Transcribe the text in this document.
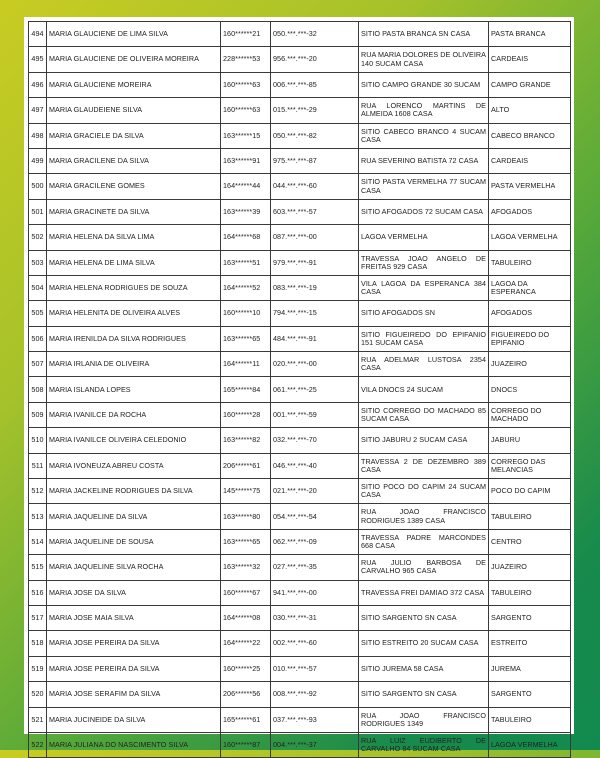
494	MARIA GLAUCIENE DE LIMA SILVA	160******21	050.***.***-32	SITIO PASTA BRANCA SN CASA	PASTA BRANCA
495	MARIA GLAUCIENE DE OLIVEIRA MOREIRA	228******53	956.***.***-20	RUA MARIA DOLORES DE OLIVEIRA 140 SUCAM CASA	CARDEAIS
496	MARIA GLAUCIENE MOREIRA	160******63	006.***.***-85	SITIO CAMPO GRANDE 30 SUCAM	CAMPO GRANDE
497	MARIA GLAUDEIENE SILVA	160******63	015.***.***-29	RUA LORENCO MARTINS DE ALMEIDA 1608 CASA	ALTO
498	MARIA GRACIELE DA SILVA	163******15	050.***.***-82	SITIO CABECO BRANCO 4 SUCAM CASA	CABECO BRANCO
499	MARIA GRACILENE DA SILVA	163******91	975.***.***-87	RUA SEVERINO BATISTA 72 CASA	CARDEAIS
500	MARIA GRACILENE GOMES	164******44	044.***.***-60	SITIO PASTA VERMELHA 77 SUCAM CASA	PASTA VERMELHA
501	MARIA GRACINETE DA SILVA	163******39	603.***.***-57	SITIO AFOGADOS 72 SUCAM CASA	AFOGADOS
502	MARIA HELENA DA SILVA LIMA	164******68	087.***.***-00	LAGOA VERMELHA	LAGOA VERMELHA
503	MARIA HELENA DE LIMA SILVA	163******51	979.***.***-91	TRAVESSA JOAO ANGELO DE FREITAS 929 CASA	TABULEIRO
504	MARIA HELENA RODRIGUES DE SOUZA	164******52	083.***.***-19	VILA LAGOA DA ESPERANCA 384 CASA	LAGOA DA ESPERANCA
505	MARIA HELENITA DE OLIVEIRA ALVES	160******10	794.***.***-15	SITIO AFOGADOS SN	AFOGADOS
506	MARIA IRENILDA DA SILVA RODRIGUES	163******65	484.***.***-91	SITIO FIGUEIREDO DO EPIFANIO 151 SUCAM CASA	FIGUEIREDO DO EPIFANIO
507	MARIA IRLANIA DE OLIVEIRA	164******11	020.***.***-00	RUA ADELMAR LUSTOSA 2354 CASA	JUAZEIRO
508	MARIA ISLANDA LOPES	165******84	061.***.***-25	VILA DNOCS 24 SUCAM	DNOCS
509	MARIA IVANILCE DA ROCHA	160******28	001.***.***-59	SITIO CORREGO DO MACHADO 85 SUCAM CASA	CORREGO DO MACHADO
510	MARIA IVANILCE OLIVEIRA CELEDONIO	163******82	032.***.***-70	SITIO JABURU 2 SUCAM CASA	JABURU
511	MARIA IVONEUZA ABREU COSTA	206******61	046.***.***-40	TRAVESSA 2 DE DEZEMBRO 389 CASA	CORREGO DAS MELANCIAS
512	MARIA JACKELINE RODRIGUES DA SILVA	145******75	021.***.***-20	SITIO POCO DO CAPIM 24 SUCAM CASA	POCO DO CAPIM
513	MARIA JAQUELINE DA SILVA	163******80	054.***.***-54	RUA JOAO FRANCISCO RODRIGUES 1389 CASA	TABULEIRO
514	MARIA JAQUELINE DE SOUSA	163******65	062.***.***-09	TRAVESSA PADRE MARCONDES 668 CASA	CENTRO
515	MARIA JAQUELINE SILVA ROCHA	163******32	027.***.***-35	RUA JULIO BARBOSA DE CARVALHO 965 CASA	JUAZEIRO
516	MARIA JOSE DA SILVA	160******67	941.***.***-00	TRAVESSA FREI DAMIAO 372 CASA	TABULEIRO
517	MARIA JOSE MAIA SILVA	164******08	030.***.***-31	SITIO SARGENTO SN CASA	SARGENTO
518	MARIA JOSE PEREIRA DA SILVA	164******22	002.***.***-60	SITIO ESTREITO 20 SUCAM CASA	ESTREITO
519	MARIA JOSE PEREIRA DA SILVA	160******25	010.***.***-57	SITIO JUREMA 58 CASA	JUREMA
520	MARIA JOSE SERAFIM DA SILVA	206******56	008.***.***-92	SITIO SARGENTO SN CASA	SARGENTO
521	MARIA JUCINEIDE DA SILVA	165******61	037.***.***-93	RUA JOAO FRANCISCO RODRIGUES 1349	TABULEIRO
522	MARIA JULIANA DO NASCIMENTO SILVA	160******87	004.***.***-37	RUA LUIZ EUDIBERTO DE CARVALHO 84 SUCAM CASA	LAGOA VERMELHA
